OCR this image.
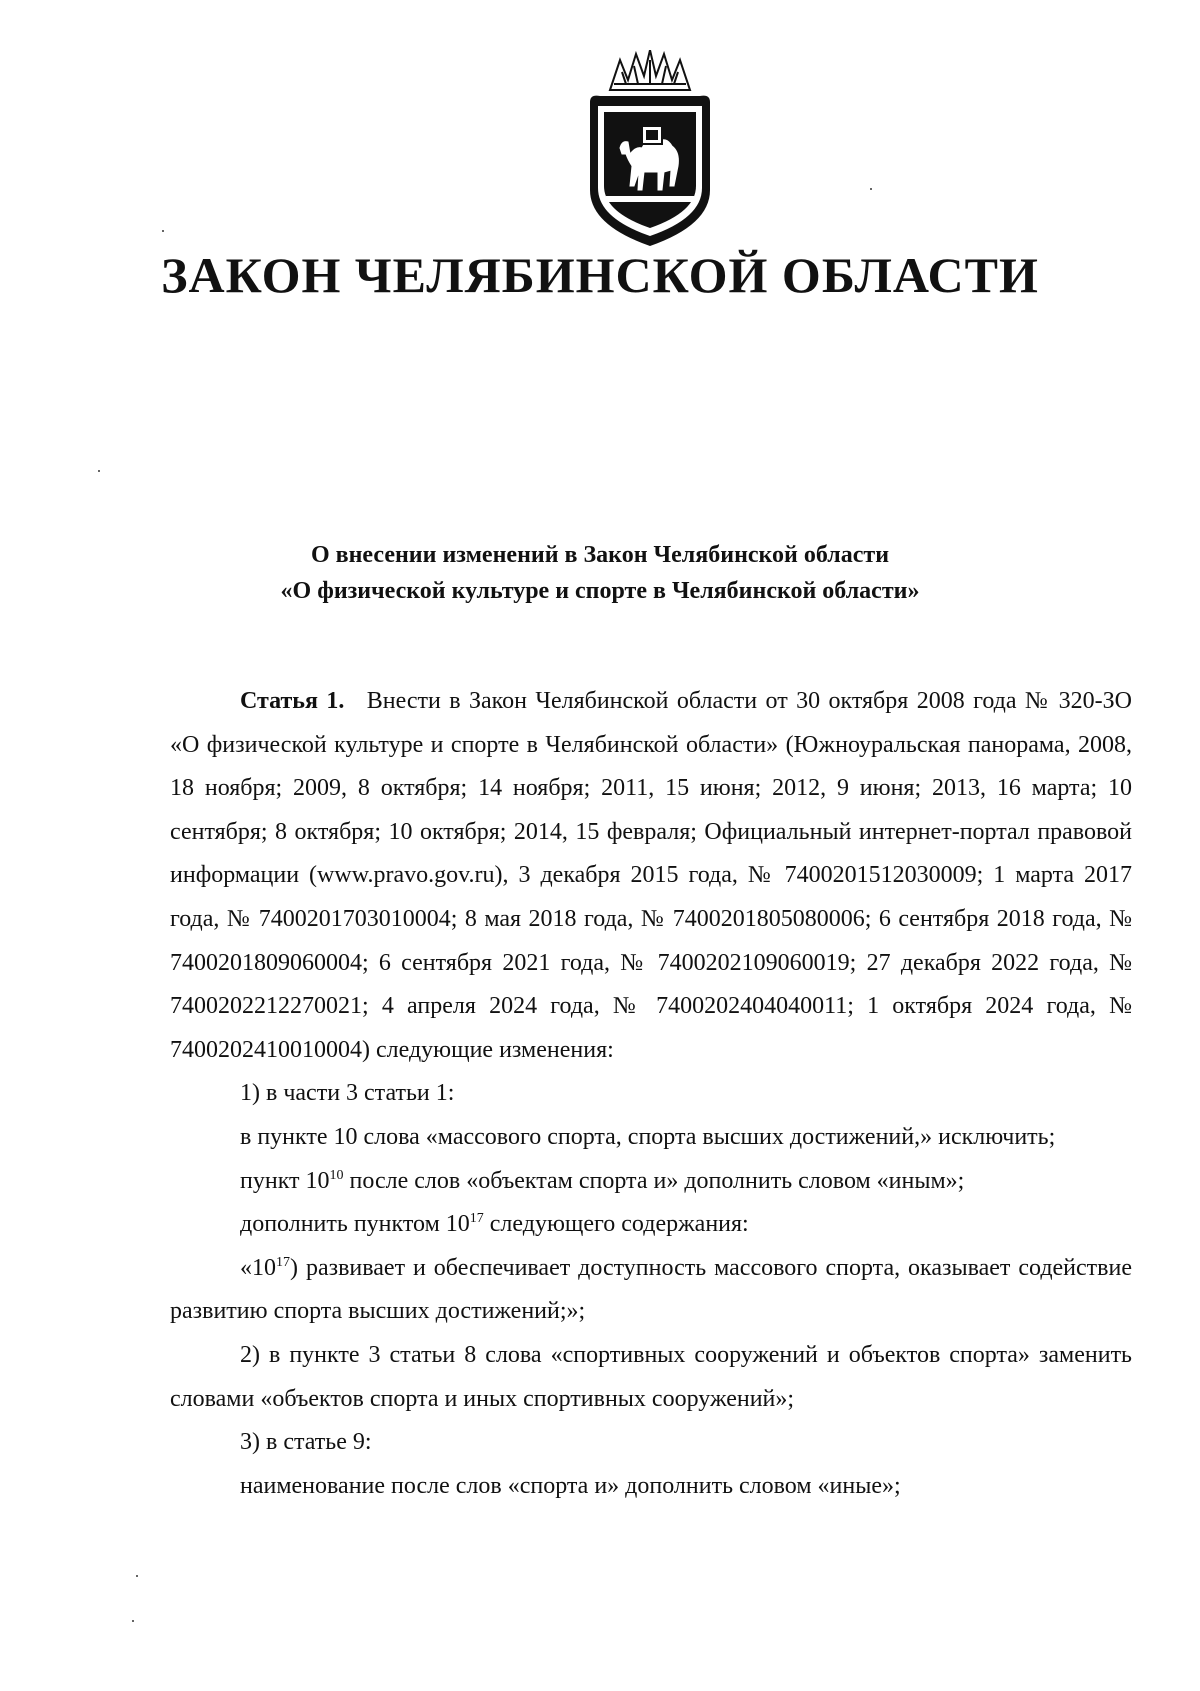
ЗАКОН ЧЕЛЯБИНСКОЙ ОБЛАСТИ
О внесении изменений в Закон Челябинской области
«О физической культуре и спорте в Челябинской области»

Статья 1. Внести в Закон Челябинской области от 30 октября 2008 года № 320-ЗО «О физической культуре и спорте в Челябинской области» (Южноуральская панорама, 2008, 18 ноября; 2009, 8 октября; 14 ноября; 2011, 15 июня; 2012, 9 июня; 2013, 16 марта; 10 сентября; 8 октября; 10 октября; 2014, 15 февраля; Официальный интернет-портал правовой информации (www.pravo.gov.ru), 3 декабря 2015 года, № 7400201512030009; 1 марта 2017 года, № 7400201703010004; 8 мая 2018 года, № 7400201805080006; 6 сентября 2018 года, № 7400201809060004; 6 сентября 2021 года, № 7400202109060019; 27 декабря 2022 года, № 7400202212270021; 4 апреля 2024 года, № 7400202404040011; 1 октября 2024 года, № 7400202410010004) следующие изменения:

1) в части 3 статьи 1:

в пункте 10 слова «массового спорта, спорта высших достижений,» исключить;

пункт $10^{10}$ после слов «объектам спорта и» дополнить словом «иным»;

дополнить пунктом $10^{17}$ следующего содержания:

«$10^{17}$) развивает и обеспечивает доступность массового спорта, оказывает содействие развитию спорта высших достижений;»;

2) в пункте 3 статьи 8 слова «спортивных сооружений и объектов спорта» заменить словами «объектов спорта и иных спортивных сооружений»;

3) в статье 9:

наименование после слов «спорта и» дополнить словом «иные»;
